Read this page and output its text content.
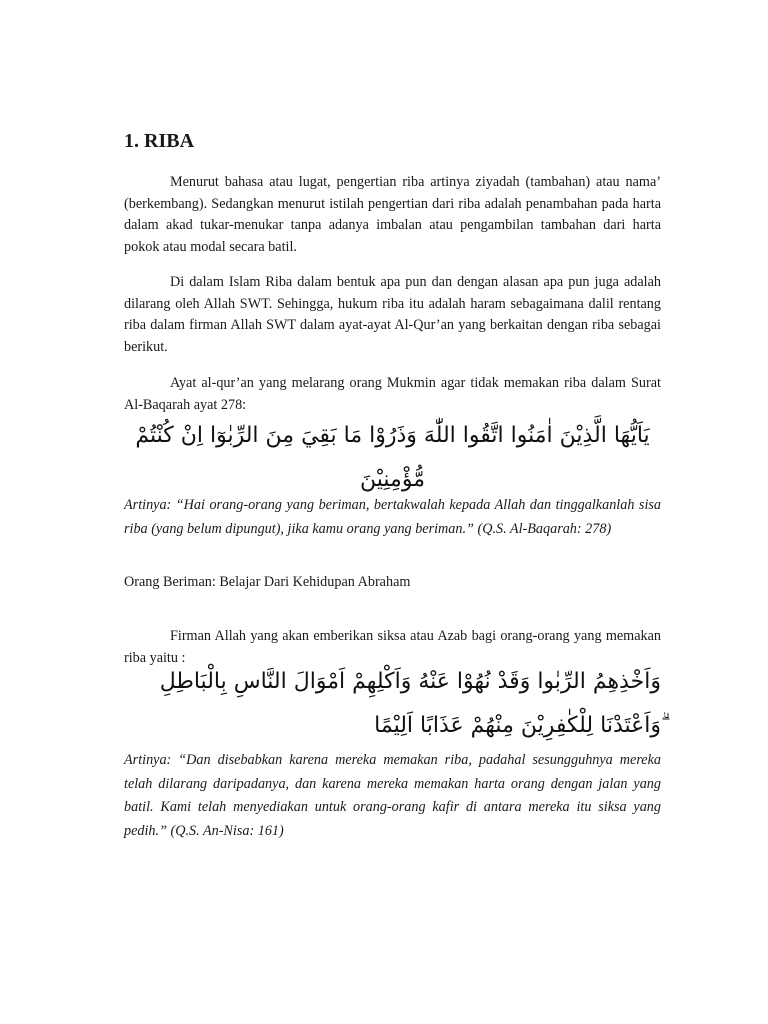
1. RIBA

Menurut bahasa atau lugat, pengertian riba artinya ziyadah (tambahan) atau nama’ (berkembang). Sedangkan menurut istilah pengertian dari riba adalah penambahan pada harta dalam akad tukar-menukar tanpa adanya imbalan atau pengambilan tambahan dari harta pokok atau modal secara batil.

Di dalam Islam Riba dalam bentuk apa pun dan dengan alasan apa pun juga adalah dilarang oleh Allah SWT. Sehingga, hukum riba itu adalah haram sebagaimana dalil rentang riba dalam firman Allah SWT dalam ayat-ayat Al-Qur’an yang berkaitan dengan riba sebagai berikut.

Ayat al-qur’an yang melarang orang Mukmin agar tidak memakan riba dalam Surat Al-Baqarah ayat 278:

يَاَيُّهَا الَّذِيْنَ اٰمَنُوا اتَّقُوا اللّٰهَ وَذَرُوْا مَا بَقِيَ مِنَ الرِّبٰوٓا اِنْ كُنْتُمْ مُّؤْمِنِيْنَ

Artinya: “Hai orang-orang yang beriman, bertakwalah kepada Allah dan tinggalkanlah sisa riba (yang belum dipungut), jika kamu orang yang beriman.” (Q.S. Al-Baqarah: 278)

Orang Beriman: Belajar Dari Kehidupan Abraham

Firman Allah yang akan emberikan siksa atau Azab bagi orang-orang yang memakan riba yaitu :

وَاَخْذِهِمُ الرِّبٰوا وَقَدْ نُهُوْا عَنْهُ وَاَكْلِهِمْ اَمْوَالَ النَّاسِ بِالْبَاطِلِ ۗوَاَعْتَدْنَا لِلْكٰفِرِيْنَ مِنْهُمْ عَذَابًا اَلِيْمًا

Artinya: “Dan disebabkan karena mereka memakan riba, padahal sesungguhnya mereka telah dilarang daripadanya, dan karena mereka memakan harta orang dengan jalan yang batil. Kami telah menyediakan untuk orang-orang kafir di antara mereka itu siksa yang pedih.” (Q.S. An-Nisa: 161)
